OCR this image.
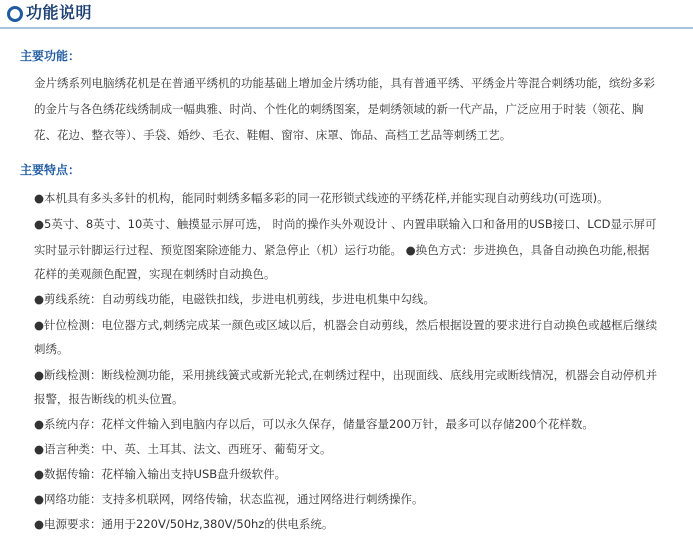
功能说明
主要功能：
金片绣系列电脑绣花机是在普通平绣机的功能基础上增加金片绣功能，具有普通平绣、平绣金片等混合刺绣功能，缤纷多彩
的金片与各色绣花线绣制成一幅典雅、时尚、个性化的刺绣图案，是刺绣领域的新一代产品，广泛应用于时装（领花、胸
花、花边、整衣等）、手袋、婚纱、毛衣、鞋帽、窗帘、床罩、饰品、高档工艺品等刺绣工艺。
主要特点：
●本机具有多头多针的机构，能同时刺绣多幅多彩的同一花形锁式线迹的平绣花样,并能实现自动剪线功(可选项)。
●5英寸、8英寸、10英寸、触摸显示屏可选， 时尚的操作头外观设计 、内置串联输入口和备用的USB接口、LCD显示屏可
实时显示针脚运行过程、预览图案除迹能力、紧急停止（机）运行功能。 ●换色方式：步进换色，具备自动换色功能,根据
花样的美观颜色配置，实现在刺绣时自动换色。
●剪线系统：自动剪线功能，电磁铁扣线，步进电机剪线，步进电机集中勾线。
●针位检测：电位器方式,刺绣完成某一颜色或区域以后，机器会自动剪线，然后根据设置的要求进行自动换色或越框后继续
刺绣。
●断线检测：断线检测功能，采用挑线簧式或新光轮式,在刺绣过程中，出现面线、底线用完或断线情况，机器会自动停机并
报警，报告断线的机头位置。
●系统内存：花样文件输入到电脑内存以后，可以永久保存，储量容量200万针，最多可以存储200个花样数。
●语言种类：中、英、土耳其、法文、西班牙、葡萄牙文。
●数据传输：花样输入输出支持USB盘升级软件。
●网络功能：支持多机联网，网络传输，状态监视，通过网络进行刺绣操作。
●电源要求：通用于220V/50Hz,380V/50hz的供电系统。
